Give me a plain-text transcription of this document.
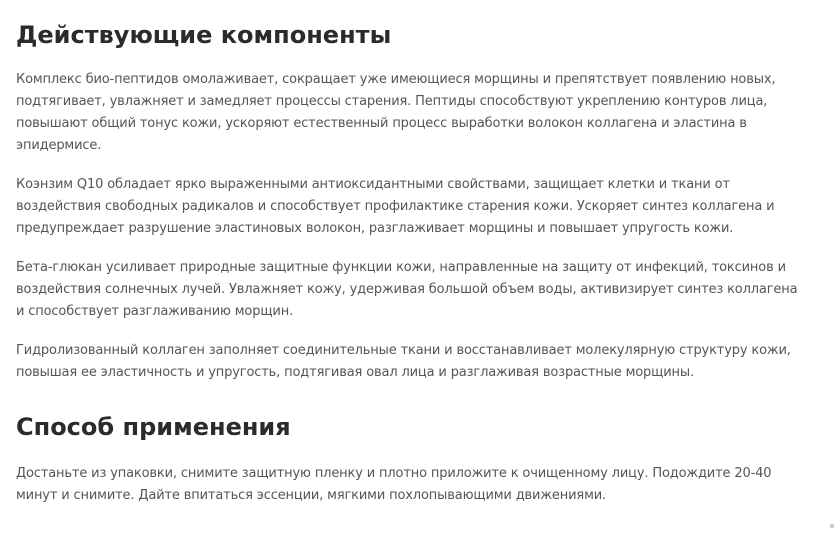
Действующие компоненты

Комплекс био-пептидов омолаживает, сокращает уже имеющиеся морщины и препятствует появлению новых, подтягивает, увлажняет и замедляет процессы старения. Пептиды способствуют укреплению контуров лица, повышают общий тонус кожи, ускоряют естественный процесс выработки волокон коллагена и эластина в эпидермисе.

Коэнзим Q10 обладает ярко выраженными антиоксидантными свойствами, защищает клетки и ткани от воздействия свободных радикалов и способствует профилактике старения кожи. Ускоряет синтез коллагена и предупреждает разрушение эластиновых волокон, разглаживает морщины и повышает упругость кожи.

Бета-глюкан усиливает природные защитные функции кожи, направленные на защиту от инфекций, токсинов и воздействия солнечных лучей. Увлажняет кожу, удерживая большой объем воды, активизирует синтез коллагена и способствует разглаживанию морщин.

Гидролизованный коллаген заполняет соединительные ткани и восстанавливает молекулярную структуру кожи, повышая ее эластичность и упругость, подтягивая овал лица и разглаживая возрастные морщины.

Способ применения

Достаньте из упаковки, снимите защитную пленку и плотно приложите к очищенному лицу. Подождите 20-40 минут и снимите. Дайте впитаться эссенции, мягкими похлопывающими движениями.
